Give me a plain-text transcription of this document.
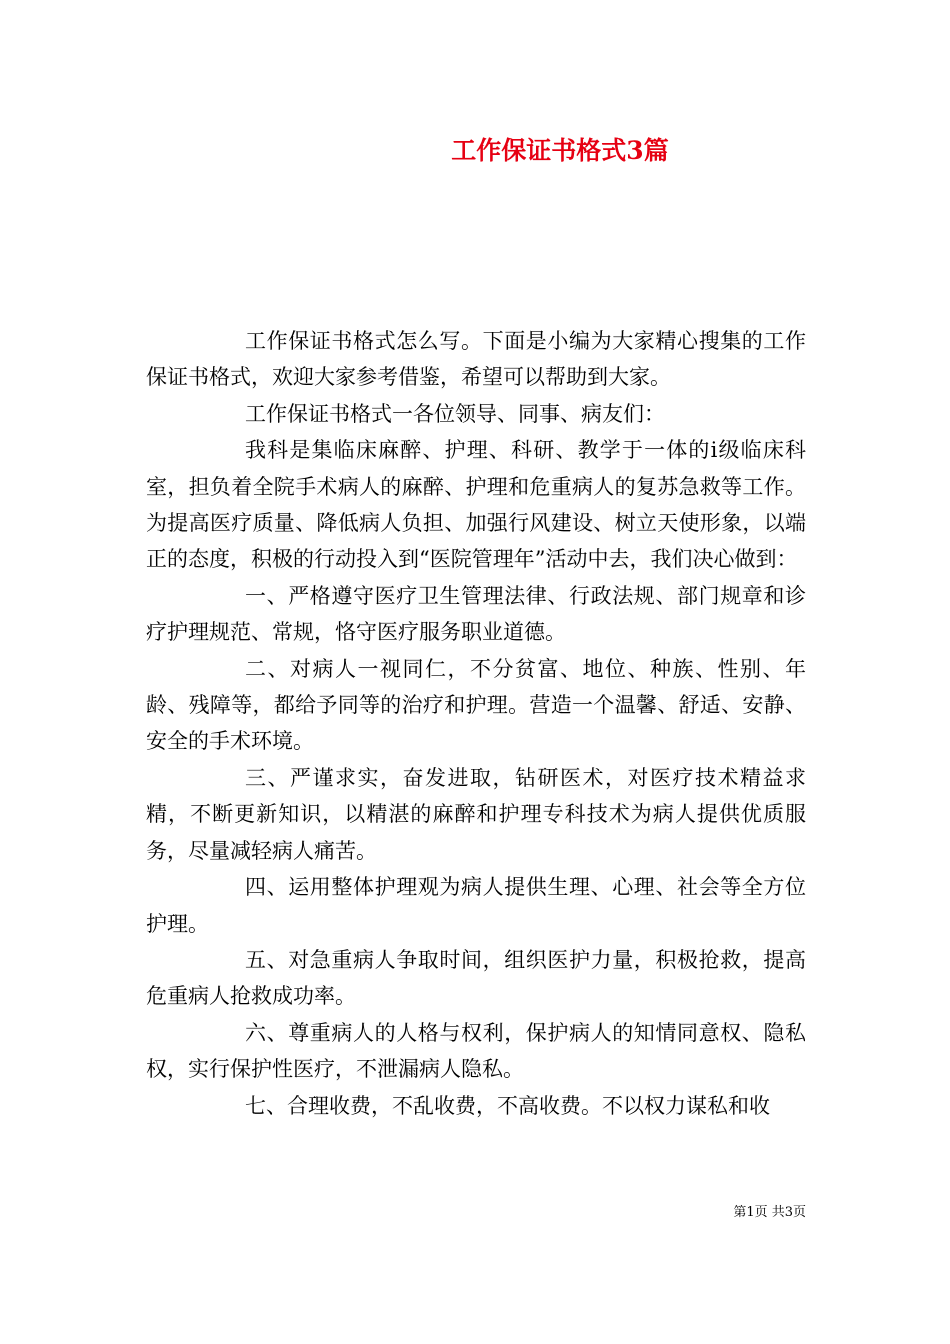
工作保证书格式3篇

工作保证书格式怎么写。下面是小编为大家精心搜集的工作保证书格式，欢迎大家参考借鉴，希望可以帮助到大家。

工作保证书格式一各位领导、同事、病友们：

我科是集临床麻醉、护理、科研、教学于一体的ⅰ级临床科室，担负着全院手术病人的麻醉、护理和危重病人的复苏急救等工作。为提高医疗质量、降低病人负担、加强行风建设、树立天使形象，以端正的态度，积极的行动投入到“医院管理年”活动中去，我们决心做到：

一、严格遵守医疗卫生管理法律、行政法规、部门规章和诊疗护理规范、常规，恪守医疗服务职业道德。

二、对病人一视同仁，不分贫富、地位、种族、性别、年龄、残障等，都给予同等的治疗和护理。营造一个温馨、舒适、安静、安全的手术环境。

三、严谨求实，奋发进取，钻研医术，对医疗技术精益求精，不断更新知识，以精湛的麻醉和护理专科技术为病人提供优质服务，尽量减轻病人痛苦。

四、运用整体护理观为病人提供生理、心理、社会等全方位护理。

五、对急重病人争取时间，组织医护力量，积极抢救，提高危重病人抢救成功率。

六、尊重病人的人格与权利，保护病人的知情同意权、隐私权，实行保护性医疗，不泄漏病人隐私。

七、合理收费，不乱收费，不高收费。不以权力谋私和收

第1页 共3页
